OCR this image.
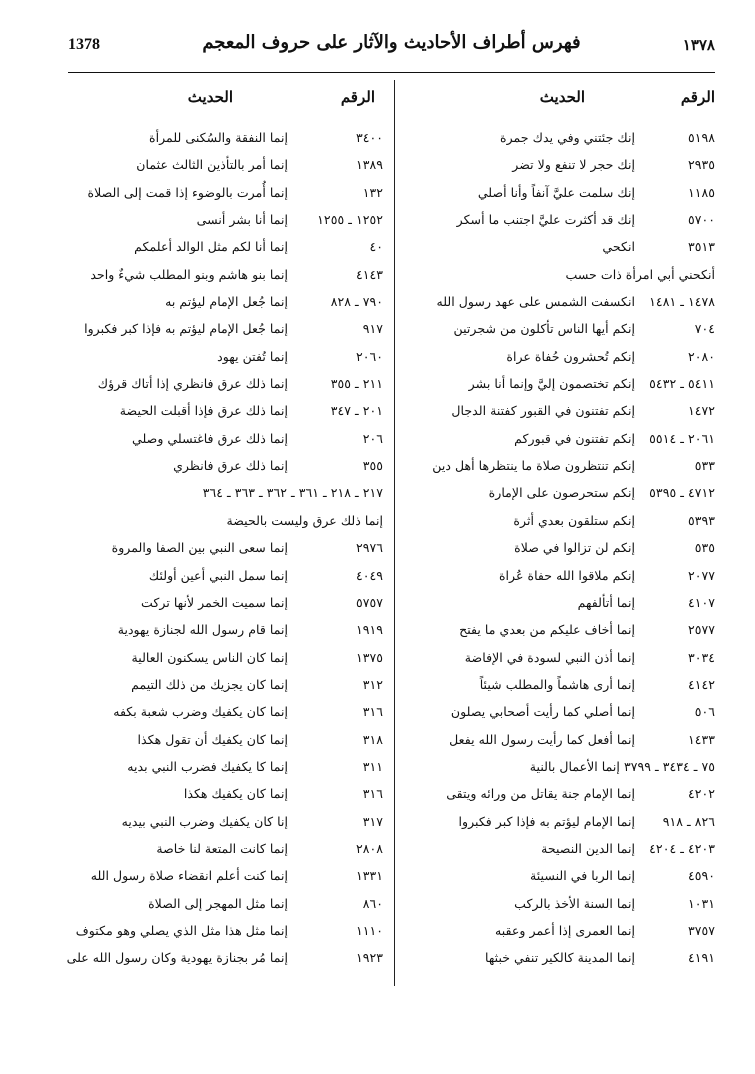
1378	فهرس أطراف الأحاديث والآثار على حروف المعجم	١٣٧٨
الرقم
الحديث
الرقم
الحديث
٥١٩٨
إنك جئتني وفي يدك جمرة
٢٩٣٥
إنك حجر لا تنفع ولا تضر
١١٨٥
إنك سلمت عليَّ آنفاً وأنا أصلي
٥٧٠٠
إنك قد أكثرت عليَّ اجتنب ما أسكر
٣٥١٣
انكحي
أنكحني أبي امرأة ذات حسب
١٤٧٨ ـ ١٤٨١
انكسفت الشمس على عهد رسول الله
٧٠٤
إنكم أيها الناس تأكلون من شجرتين
٢٠٨٠
إنكم تُحشرون حُفاة عراة
٥٤١١ ـ ٥٤٣٢
إنكم تختصمون إليَّ وإنما أنا بشر
١٤٧٢
إنكم تفتنون في القبور كفتنة الدجال
٢٠٦١ ـ ٥٥١٤
إنكم تفتنون في قبوركم
٥٣٣
إنكم تنتظرون صلاة ما ينتظرها أهل دين
٤٧١٢ ـ ٥٣٩٥
إنكم ستحرصون على الإمارة
٥٣٩٣
إنكم ستلقون بعدي أثرة
٥٣٥
إنكم لن تزالوا في صلاة
٢٠٧٧
إنكم ملاقوا الله حفاة عُراة
٤١٠٧
إنما أتألفهم
٢٥٧٧
إنما أخاف عليكم من بعدي ما يفتح
٣٠٣٤
إنما أذن النبي لسودة في الإفاضة
٤١٤٢
إنما أرى هاشماً والمطلب شيئاً
٥٠٦
إنما أصلي كما رأيت أصحابي يصلون
١٤٣٣
إنما أفعل كما رأيت رسول الله يفعل
٧٥ ـ ٣٤٣٤ ـ ٣٧٩٩ إنما الأعمال بالنية
٤٢٠٢
إنما الإمام جنة يقاتل من ورائه ويتقى
٨٢٦ ـ ٩١٨
إنما الإمام ليؤتم به فإذا كبر فكبروا
٤٢٠٣ ـ ٤٢٠٤
إنما الدين النصيحة
٤٥٩٠
إنما الربا في النسيئة
١٠٣١
إنما السنة الأخذ بالركب
٣٧٥٧
إنما العمرى إذا أعمر وعقبه
٤١٩١
إنما المدينة كالكير تنفي خبثها
٣٤٠٠
إنما النفقة والسُكنى للمرأة
١٣٨٩
إنما أمر بالتأذين الثالث عثمان
١٣٢
إنما أُمرت بالوضوء إذا قمت إلى الصلاة
١٢٥٢ ـ ١٢٥٥
إنما أنا بشر أنسى
٤٠
إنما أنا لكم مثل الوالد أعلمكم
٤١٤٣
إنما بنو هاشم وبنو المطلب شيءٌ واحد
٧٩٠ ـ ٨٢٨
إنما جُعل الإمام ليؤتم به
٩١٧
إنما جُعل الإمام ليؤتم به فإذا كبر فكبروا
٢٠٦٠
إنما تُفتن يهود
٢١١ ـ ٣٥٥
إنما ذلك عرق فانظري إذا أتاك قرؤك
٢٠١ ـ ٣٤٧
إنما ذلك عرق فإذا أقبلت الحيضة
٢٠٦
إنما ذلك عرق فاغتسلي وصلي
٣٥٥
إنما ذلك عرق فانظري
٢١٧ ـ ٢١٨ ـ ٣٦١ ـ ٣٦٢ ـ ٣٦٣ ـ ٣٦٤
إنما ذلك عرق وليست بالحيضة
٢٩٧٦
إنما سعى النبي بين الصفا والمروة
٤٠٤٩
إنما سمل النبي أعين أولئك
٥٧٥٧
إنما سميت الخمر لأنها تركت
١٩١٩
إنما قام رسول الله لجنازة يهودية
١٣٧٥
إنما كان الناس يسكنون العالية
٣١٢
إنما كان يجزيك من ذلك التيمم
٣١٦
إنما كان يكفيك وضرب شعبة بكفه
٣١٨
إنما كان يكفيك أن تقول هكذا
٣١١
إنما كا يكفيك فضرب النبي بديه
٣١٦
إنما كان يكفيك هكذا
٣١٧
إنا كان يكفيك وضرب النبي بيديه
٢٨٠٨
إنما كانت المتعة لنا خاصة
١٣٣١
إنما كنت أعلم انقضاء صلاة رسول الله
٨٦٠
إنما مثل المهجر إلى الصلاة
١١١٠
إنما مثل هذا مثل الذي يصلي وهو مكتوف
١٩٢٣
إنما مُر بجنازة يهودية وكان رسول الله على
